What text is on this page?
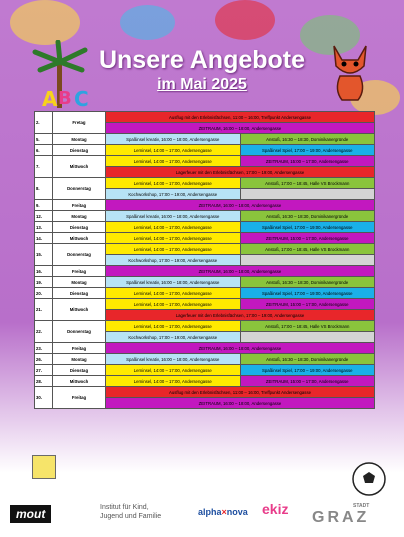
A B C
Unsere Angebote
im Mai 2025
2.	Fretag	Ausflug mit den Erlebnisfächsen, 11:00 – 16:00, Treffpunkt Andersengasse	
		ZEITRAUM, 16:00 – 18:00, Andersengasse	
5.	Montag	Spaßinsel kreativ, 16:00 – 18:00, Andersengasse	Anstoß, 16:30 – 18:30, Dominikanergründe
6.	Dienstag	Lerninsel, 14:00 – 17:00, Andersengasse	Spaßinsel Spiel, 17:00 – 19:00, Andersengasse
7.	Mittwoch	Lerninsel, 14:00 – 17:00, Andersengasse	ZEITRAUM, 15:00 – 17:00, Andersengasse
		Lagerfeuer mit den Erlebnisfächsen, 17:00 – 19:00, Andersengasse	
8.	Donnerstag	Lerninsel, 14:00 – 17:00, Andersengasse	Anstoß, 17:00 – 18:45, Halle VS Brockmann
		Kochworkshop, 17:00 – 19:00, Andersengasse	
9.	Freitag	ZEITRAUM, 16:00 – 18:00, Andersengasse	
12.	Montag	Spaßinsel kreativ, 16:00 – 18:00, Andersengasse	Anstoß, 16:30 – 18:30, Dominikanergründe
13.	Dienstag	Lerninsel, 14:00 – 17:00, Andersengasse	Spaßinsel Spiel, 17:00 – 19:00, Andersengasse
14.	Mittwoch	Lerninsel, 14:00 – 17:00, Andersengasse	ZEITRAUM, 15:00 – 17:00, Andersengasse
15.	Donnerstag	Lerninsel, 14:00 – 17:00, Andersengasse	Anstoß, 17:00 – 18:45, Halle VS Brockmann
		Kochworkshop, 17:00 – 19:00, Andersengasse	
16.	Freitag	ZEITRAUM, 16:00 – 18:00, Andersengasse	
19.	Montag	Spaßinsel kreativ, 16:00 – 18:00, Andersengasse	Anstoß, 16:30 – 18:30, Dominikanergründe
20.	Dienstag	Lerninsel, 14:00 – 17:00, Andersengasse	Spaßinsel Spiel, 17:00 – 19:00, Andersengasse
21.	Mittwoch	Lerninsel, 14:00 – 17:00, Andersengasse	ZEITRAUM, 15:00 – 17:00, Andersengasse
		Lagerfeuer mit den Erlebnisfächsen, 17:00 – 19:00, Andersengasse	
22.	Donnerstag	Lerninsel, 14:00 – 17:00, Andersengasse	Anstoß, 17:00 – 18:45, Halle VS Brockmann
		Kochworkshop, 17:00 – 19:00, Andersengasse	
23.	Freitag	ZEITRAUM, 16:00 – 18:00, Andersengasse	
26.	Montag	Spaßinsel kreativ, 16:00 – 18:00, Andersengasse	Anstoß, 16:30 – 18:30, Dominikanergründe
27.	Dienstag	Lerninsel, 14:00 – 17:00, Andersengasse	Spaßinsel Spiel, 17:00 – 19:00, Andersengasse
28.	Mittwoch	Lerninsel, 14:00 – 17:00, Andersengasse	ZEITRAUM, 15:00 – 17:00, Andersengasse
30.	Freitag	Ausflug mit den Erlebnisfächsen, 11:00 – 16:00, Treffpunkt Andersengasse	
		ZEITRAUM, 16:00 – 18:00, Andersengasse	
mout	Institut für Kind,
Jugend und Familie	alpha×nova ekiz	STADT
GRAZ
